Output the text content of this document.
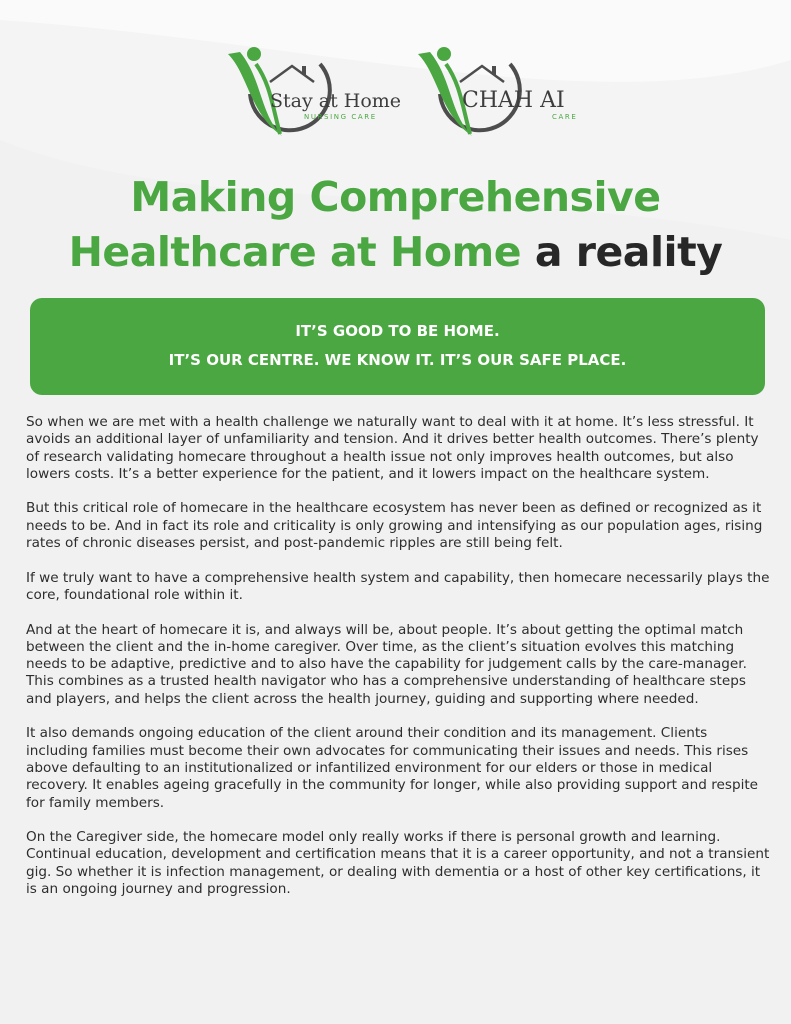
Stay at Home
NURSING CARE
CHAH AI
CARE
Making Comprehensive
Healthcare at Home a reality
IT’S GOOD TO BE HOME.
IT’S OUR CENTRE. WE KNOW IT. IT’S OUR SAFE PLACE.

So when we are met with a health challenge we naturally want to deal with it at home. It’s less stressful. It avoids an additional layer of unfamiliarity and tension. And it drives better health outcomes. There’s plenty of research validating homecare throughout a health issue not only improves health outcomes, but also lowers costs. It’s a better experience for the patient, and it lowers impact on the healthcare system.

But this critical role of homecare in the healthcare ecosystem has never been as defined or recognized as it needs to be. And in fact its role and criticality is only growing and intensifying as our population ages, rising rates of chronic diseases persist, and post-pandemic ripples are still being felt.

If we truly want to have a comprehensive health system and capability, then homecare necessarily plays the core, foundational role within it.

And at the heart of homecare it is, and always will be, about people. It’s about getting the optimal match between the client and the in-home caregiver. Over time, as the client’s situation evolves this matching needs to be adaptive, predictive and to also have the capability for judgement calls by the care-manager. This combines as a trusted health navigator who has a comprehensive understanding of healthcare steps and players, and helps the client across the health journey, guiding and supporting where needed.

It also demands ongoing education of the client around their condition and its management. Clients including families must become their own advocates for communicating their issues and needs. This rises above defaulting to an institutionalized or infantilized environment for our elders or those in medical recovery. It enables ageing gracefully in the community for longer, while also providing support and respite for family members.

On the Caregiver side, the homecare model only really works if there is personal growth and learning. Continual education, development and certification means that it is a career opportunity, and not a transient gig. So whether it is infection management, or dealing with dementia or a host of other key certifications, it is an ongoing journey and progression.
